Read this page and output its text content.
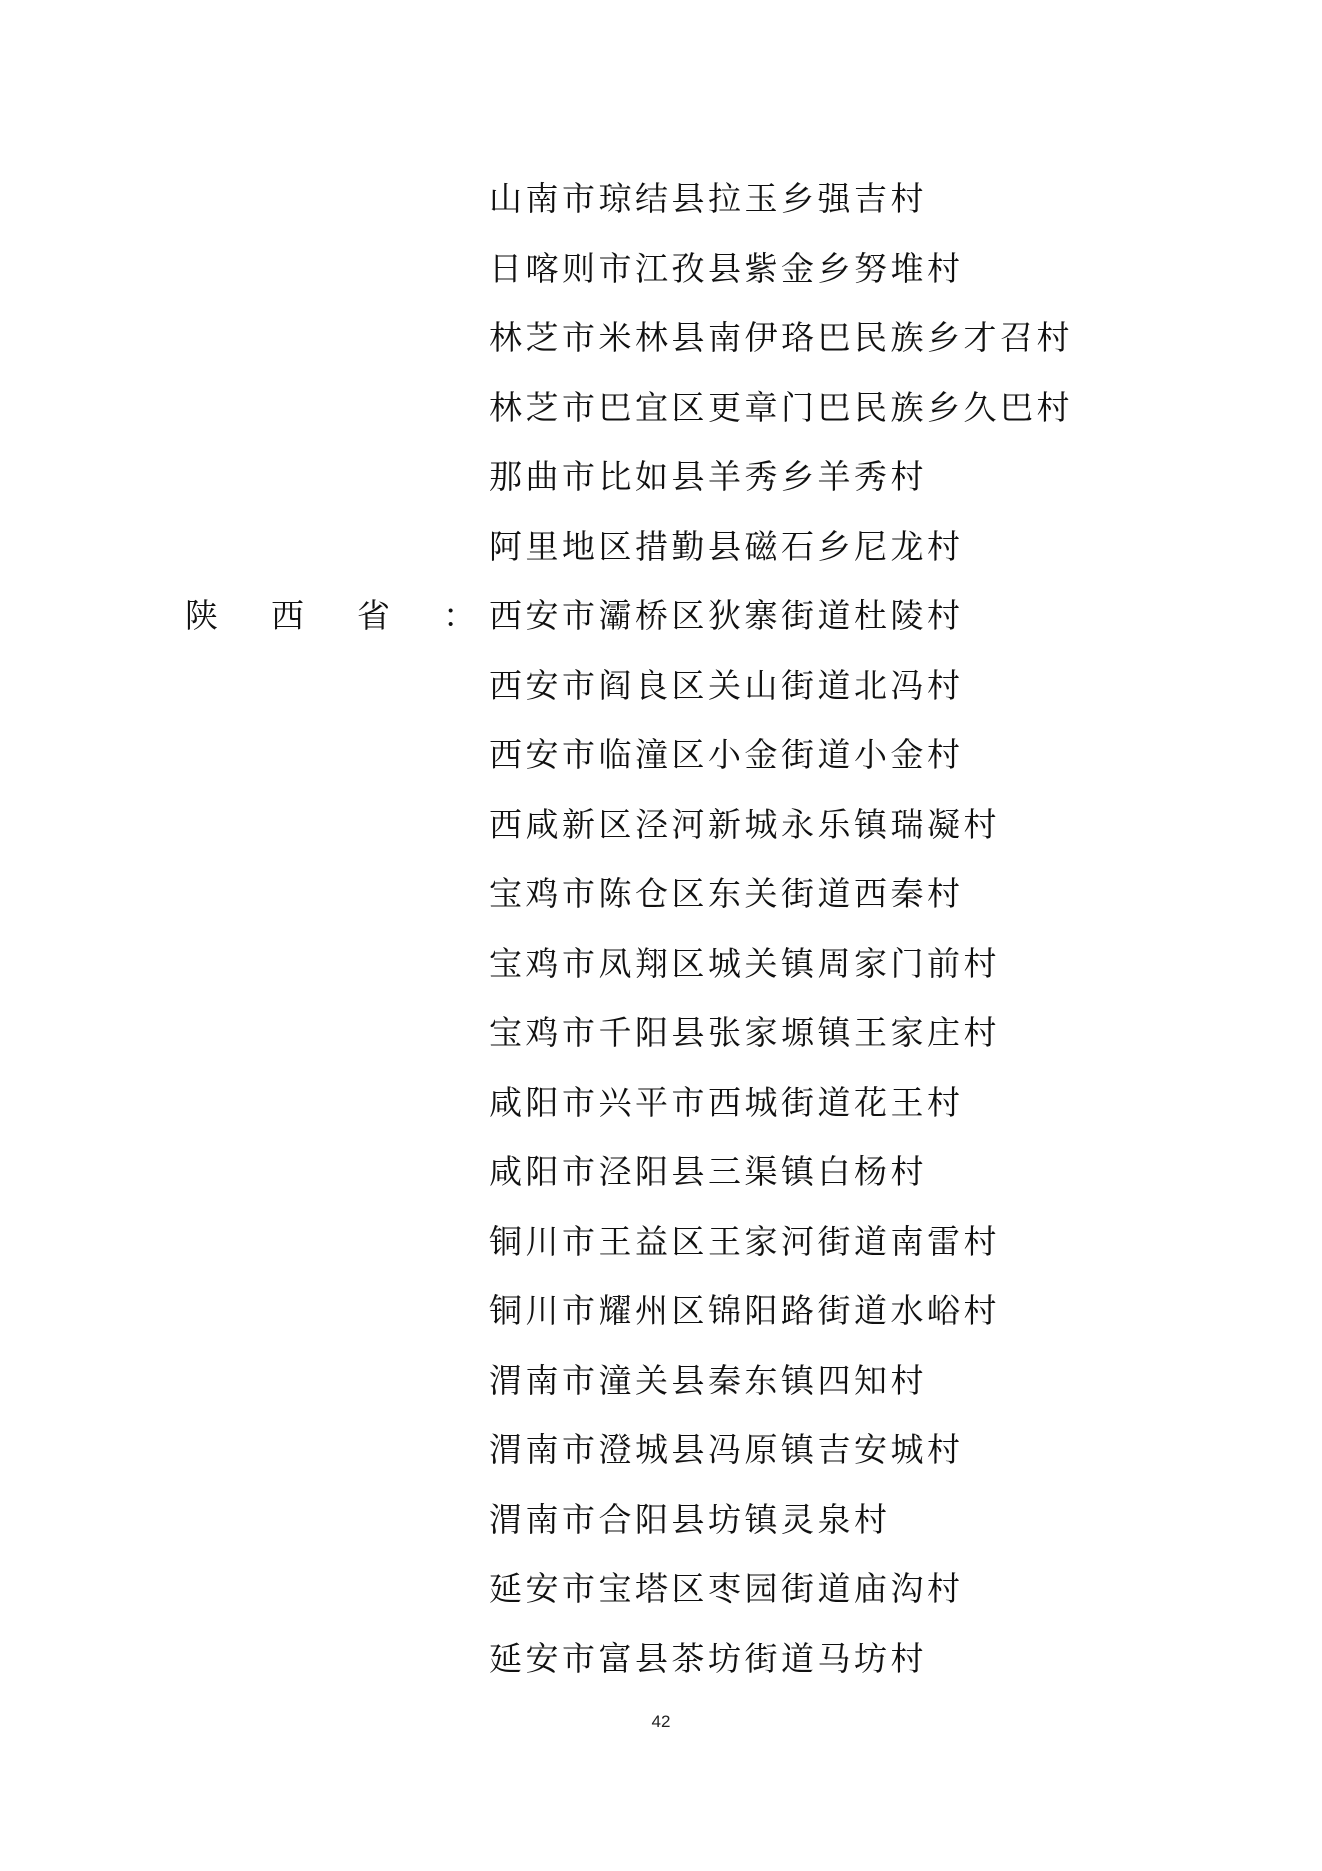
陕 西 省 ：
山南市琼结县拉玉乡强吉村
日喀则市江孜县紫金乡努堆村
林芝市米林县南伊珞巴民族乡才召村
林芝市巴宜区更章门巴民族乡久巴村
那曲市比如县羊秀乡羊秀村
阿里地区措勤县磁石乡尼龙村
西安市灞桥区狄寨街道杜陵村
西安市阎良区关山街道北冯村
西安市临潼区小金街道小金村
西咸新区泾河新城永乐镇瑞凝村
宝鸡市陈仓区东关街道西秦村
宝鸡市凤翔区城关镇周家门前村
宝鸡市千阳县张家塬镇王家庄村
咸阳市兴平市西城街道花王村
咸阳市泾阳县三渠镇白杨村
铜川市王益区王家河街道南雷村
铜川市耀州区锦阳路街道水峪村
渭南市潼关县秦东镇四知村
渭南市澄城县冯原镇吉安城村
渭南市合阳县坊镇灵泉村
延安市宝塔区枣园街道庙沟村
延安市富县茶坊街道马坊村
42
